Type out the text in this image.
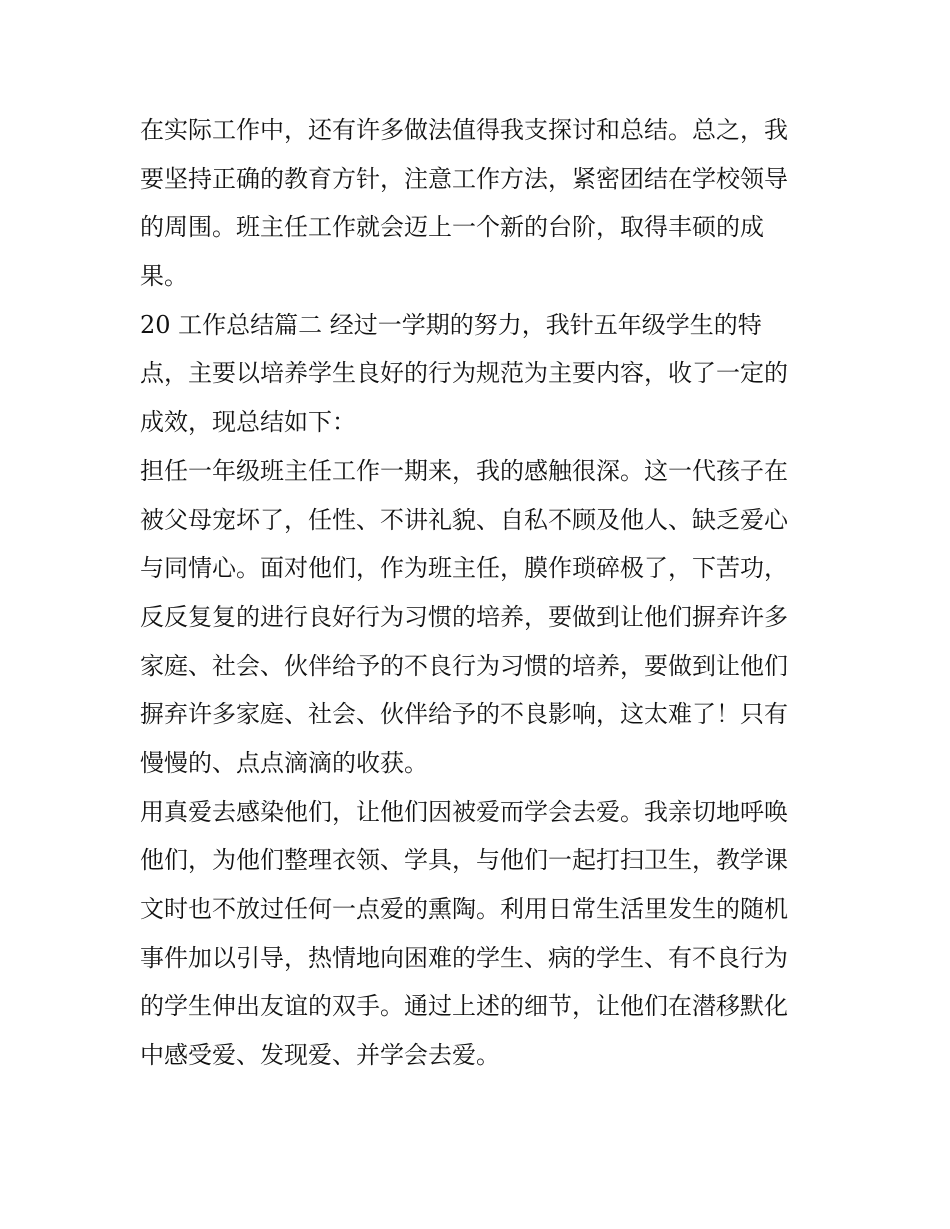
在实际工作中，还有许多做法值得我支探讨和总结。总之，我
要坚持正确的教育方针，注意工作方法，紧密团结在学校领导
的周围。班主任工作就会迈上一个新的台阶，取得丰硕的成
果。
20 工作总结篇二 经过一学期的努力，我针五年级学生的特
点，主要以培养学生良好的行为规范为主要内容，收了一定的
成效，现总结如下：
担任一年级班主任工作一期来，我的感触很深。这一代孩子在
被父母宠坏了，任性、不讲礼貌、自私不顾及他人、缺乏爱心
与同情心。面对他们，作为班主任，膜作琐碎极了，下苦功，
反反复复的进行良好行为习惯的培养，要做到让他们摒弃许多
家庭、社会、伙伴给予的不良行为习惯的培养，要做到让他们
摒弃许多家庭、社会、伙伴给予的不良影响，这太难了！只有
慢慢的、点点滴滴的收获。
用真爱去感染他们，让他们因被爱而学会去爱。我亲切地呼唤
他们，为他们整理衣领、学具，与他们一起打扫卫生，教学课
文时也不放过任何一点爱的熏陶。利用日常生活里发生的随机
事件加以引导，热情地向困难的学生、病的学生、有不良行为
的学生伸出友谊的双手。通过上述的细节，让他们在潜移默化
中感受爱、发现爱、并学会去爱。
